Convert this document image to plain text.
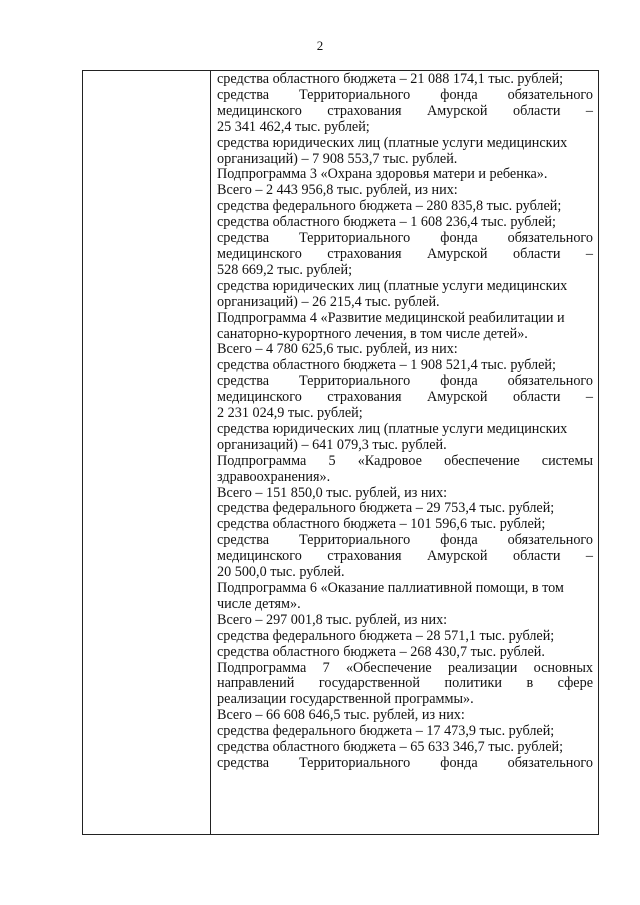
2
средства областного бюджета – 21 088 174,1 тыс. рублей;
средства Территориального фонда обязательного
медицинского страхования Амурской области –
25 341 462,4 тыс. рублей;
средства юридических лиц (платные услуги медицинских
организаций) – 7 908 553,7 тыс. рублей.
Подпрограмма 3 «Охрана здоровья матери и ребенка».
Всего – 2 443 956,8 тыс. рублей, из них:
средства федерального бюджета – 280 835,8 тыс. рублей;
средства областного бюджета – 1 608 236,4 тыс. рублей;
средства Территориального фонда обязательного
медицинского страхования Амурской области –
528 669,2 тыс. рублей;
средства юридических лиц (платные услуги медицинских
организаций) – 26 215,4 тыс. рублей.
Подпрограмма 4 «Развитие медицинской реабилитации и
санаторно-курортного лечения, в том числе детей».
Всего – 4 780 625,6 тыс. рублей, из них:
средства областного бюджета – 1 908 521,4 тыс. рублей;
средства Территориального фонда обязательного
медицинского страхования Амурской области –
2 231 024,9 тыс. рублей;
средства юридических лиц (платные услуги медицинских
организаций) – 641 079,3 тыс. рублей.
Подпрограмма 5 «Кадровое обеспечение системы
здравоохранения».
Всего – 151 850,0 тыс. рублей, из них:
средства федерального бюджета – 29 753,4 тыс. рублей;
средства областного бюджета – 101 596,6 тыс. рублей;
средства Территориального фонда обязательного
медицинского страхования Амурской области –
20 500,0 тыс. рублей.
Подпрограмма 6 «Оказание паллиативной помощи, в том
числе детям».
Всего – 297 001,8 тыс. рублей, из них:
средства федерального бюджета – 28 571,1 тыс. рублей;
средства областного бюджета – 268 430,7 тыс. рублей.
Подпрограмма 7 «Обеспечение реализации основных
направлений государственной политики в сфере
реализации государственной программы».
Всего – 66 608 646,5 тыс. рублей, из них:
средства федерального бюджета – 17 473,9 тыс. рублей;
средства областного бюджета – 65 633 346,7 тыс. рублей;
средства Территориального фонда обязательного
